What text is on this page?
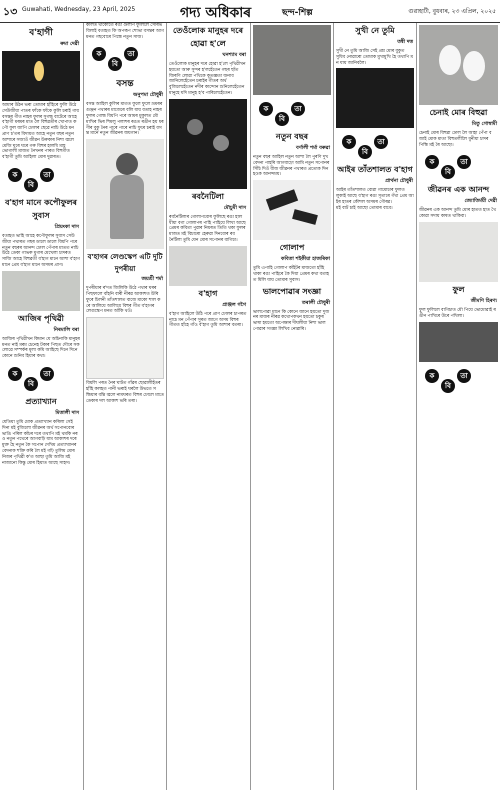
১৩ Guwahati, Wednesday, 23 April, 2025	গদ্য অধিকাৰ	ছন্দ-শিল্প	গুৱাহাটী, বুধবাৰ, ২৩ এপ্ৰিল, ২০২৫
ব'হাগী
ৰুমা দেৱী

আমাৰ উঠন ভৰা তোমাৰ হাঁহিৰে ফুলি উঠে সেউজীয়া পাতৰ ফাঁকে ফাঁকে কুলি চৰাই গায় বসন্তৰ গীত নাহৰ ফুলৰ সুগন্ধ বাটেৰে আহে ব'হাগী মৰমৰ মাত লৈ বিহুৱতীৰ খোপাত কপৌ ফুল জাপি ঢোলৰ ছেৱে নাচি উঠে মন প্ৰাণ চ'তৰ বিদায়ত আহে নতুন বছৰ নতুন আশাৰে সজাওঁ জীৱন উৰুকাৰ নিশা জ্বলে মেজি ঘৰে ঘৰে গৰু বিহুৰ হালধি মাহ ভোগালী মাজত নৈখনৰ পাৰত বিহুগীত ব'হাগী তুমি আহিলা মোৰ দুৱাৰত।

ক
বি
তা
ব'হাগ মানে কপৌফুলৰ সুবাস
প্ৰিয়ংকা দাস

বতাহত ভাহি আহে কপৌফুলৰ সুবাস সেউজীয়া পথাৰত গছৰ ডালে ডালে বিয়পি পৰে নতুন বছৰৰ আনন্দ ঢোল পেঁপাৰ মাতত নাচি উঠে ডেকা গাভৰু মুগাৰ মেখেলা চাদৰত সাজি আহে বিহুৱতী ব'হাগ মানে আশা ব'হাগ মানে প্ৰেম ব'হাগ মানে অসমৰ প্ৰাণ।

আজিৰ পৃথিৱী
নিৰমালি বৰা

আজিৰ পৃথিৱীখন কিমান যে অচিনাকি মানুহৰ মনত নাই মৰম চেনেহ টকাৰ পিছত দৌৰে সকলোৱে সম্পৰ্কৰ মূল্য কমি আহিছে দিনে দিনে কোনে শুনিব হিয়াৰ কথা।

ক
বি
তা
প্ৰত্যাখ্যান
মিতালী দাস

যেতিয়া তুমি মোক প্ৰত্যাখ্যান কৰিলা সেই দিনা মই বুজিলো জীৱনৰ অৰ্থ সপোনবোৰ ভাঙি পৰিল কাঁচৰ দৰে তথাপি মই থমকি নৰও নতুন পথেৰে আগবাঢ়ি যাম আকাশৰ দৰে মুক্ত হৈ নতুন কৈ সপোন দেখিম প্ৰত্যাখ্যানৰ বেদনাক শক্তি কৰি লৈ মই গঢ়ি তুলিম মোৰ নিজৰ পৃথিৱী ক'ত আছা তুমি আজি মই নাজানো কিন্তু মোৰ হিয়াত আছে সাহস।

কলিত থাকোঁতে ৰঙা গুলাপ ফুলিলে সৌৰভ বিলাই বতাহত কি অপৰূপ শোভা বসন্তৰ আগমনত গছবোৰে পিন্ধে নতুন সাজ।

ক
বি
তা
বসন্ত
অনুপমা চৌধুৰী

বসন্ত আহিল কুলিৰ মাতত ফুলে ফুলে ভ্ৰমৰৰ গুঞ্জন পথাৰৰ মাজেৰে বলি যায় বতাহ নাহৰ ফুলৰ গোন্ধ বিয়পি পৰে আমৰ মুকুলত মৌ মাখিৰ ভিৰ শিমলু পলাশৰ ৰঙত ৰঙীন হয় ধৰণীৰ বুকু নৈৰ পাৰে পাৰে নাচি ফুৰে চৰাই বসন্ত মানে নতুন জীৱনৰ জয়গান।

ব'হাগৰ লেণ্ডস্কেপ এটি দুটি দুপৰীয়া
জয়শ্ৰী শৰ্মা

দুপৰীয়াৰ ৰ'দত জিলিকি উঠে পথাৰ ঘৰৰ পিছফালে বাঁহনি বাৰী নীৰৱ আকাশত উৰি ফুৰে চিলনী তাঁতশালত বাজে মাকো শাল কৰে আলিয়ে আলিয়ে বিহুৰ গীত ব'হাগৰ লেণ্ডস্কেপ মনত আঁকি থওঁ।

বিয়লি পৰত নৈৰ ঘাটত গাঁৱৰ ছোৱালীহঁতৰ হাঁহি কলহত পানী ভৰাই ঘৰলৈ উভতে সন্ধিয়াৰ বন্তি জ্বলে নামঘৰত বিহুৰ ঢোলে মাতে ডেকাৰ দল আকাশ ভৰি তৰা।

তেওঁলোক মানুহৰ দৰে হোৱা হ'লে
ঘনশ্যাম বৰা

তেওঁলোক মানুহৰ দৰে হোৱা হ'লে পৃথিৱীখন হয়তো আৰু সুন্দৰ হ'লহেঁতেন গছৰ ছাঁত জিৰণি লোৱা পথিকে কৃতজ্ঞতা জনাব জানিলেহেঁতেন চৰাইৰ গীতৰ অৰ্থ বুজিলেহেঁতেন নদীৰ কান্দোন শুনিলেহেঁতেন মানুহে যদি মানুহ হ'ব পাৰিলেহেঁতেন।

ৰবনৈটিলা
মৌচুমী দাস

ৰবনৈটিলাৰ গোলাপবোৰ ফুলিছে ৰঙা হালধীয়া বগা গোলাপৰ পাহি পাহিয়ে লিখা আছে প্ৰেমৰ কবিতা পুৱাৰ নিয়ৰত তিতি থকা ফুলৰ মাজত মই বিচাৰো হেৰুৱা দিনবোৰ ৰবনৈটিলা তুমি যেন মোৰ সপোনৰ বাগিচা।

ব'হাগ
প্ৰাঞ্জল গগৈ

ব'হাগ আহিলে উঠি পৰে প্ৰাণ ঢোলৰ চাপৰত নাচে মন পেঁপাৰ সুৰত জাগে অসম বিহুৰ গীতত হাঁহে গাঁও ব'হাগ তুমি আশাৰ বতৰা।

ক
বি
তা
নতুন বছৰ
বৰ্ণালী শৰ্মা বৰুৱা

নতুন বছৰ আহিল নতুন আশা লৈ পুৰণি দুখ বেদনা পাহৰি আগবাঢ়ো আমি নতুন সপোনৰ সিঁচি দিওঁ বীজ জীৱনৰ পথাৰত প্ৰত্যেক দিন হওক আনন্দময়।

গোলাপ
কবিতা শইকীয়া হাজৰিকা

তুমি এপাহি গোলাপ কাঁইটৰ মাজতো হাঁহি থাকা ৰঙা পাহিৰে কৈ দিয়া প্ৰেমৰ কথা বতাহত মিলি যায় তোমাৰ সুবাস।

ভালপোৱাৰ সংজ্ঞা
তৰালী চৌধুৰী

ভালপোৱা মানে কি কোনে জানে হয়তো দুজনৰ মাজৰ নীৰৱ কথোপকথন হয়তো চকুৰ ভাষা হয়তো অপেক্ষাৰ দীঘলীয়া নিশা ভালপোৱাৰ সংজ্ঞা লিখিব নোৱাৰি।

সুখী নে তুমি
তন্বী দত্ত

সুখী নে তুমি আজি সেই প্ৰশ্ন মোৰ বুকুত সুধিব নোৱাৰো তোমাক মুখামুখি হৈ তথাপি মন যায় জানিবলৈ।

ক
বি
তা
আইৰ তাঁতশালত ব'হাগ
প্ৰাৰ্থনা চৌধুৰী

আইৰ তাঁতশালত বোৱা গামোচাৰ ফুলত লুকাই আছে ব'হাগ ৰঙা সূতাৰে গঁথা প্ৰেম আইৰ হাতৰ কৌশল অসমৰ গৌৰৱ।

মই বাট চাই আছো তোমাৰ বাবে।

চেনাই মোৰ বিহুৱা
মিতু গোস্বামী

চেনাই মোৰ বিহুৱা ঢোল লৈ আহা পেঁপা বজাই মোক মাতা বিহুতলীলৈ ধুনীয়া চাদৰ পিন্ধি মই ৰৈ আছো।

ক
বি
তা
জীৱনৰ এক আনন্দ
জ্যোতিৰ্ময়ী দেৱী

জীৱনৰ এক আনন্দ তুমি মোৰ হাতত হাত থৈ কোৱা সদায় কাষত থাকিবা।

ফুল
জীমণি হিৰণ্য

ফুল ফুলিলে বাগিচাত মৌ পিয়ে ভোমোৱাই ৰঙীন পাখিৰে উৰে পখিলা।

ক
বি
তা
